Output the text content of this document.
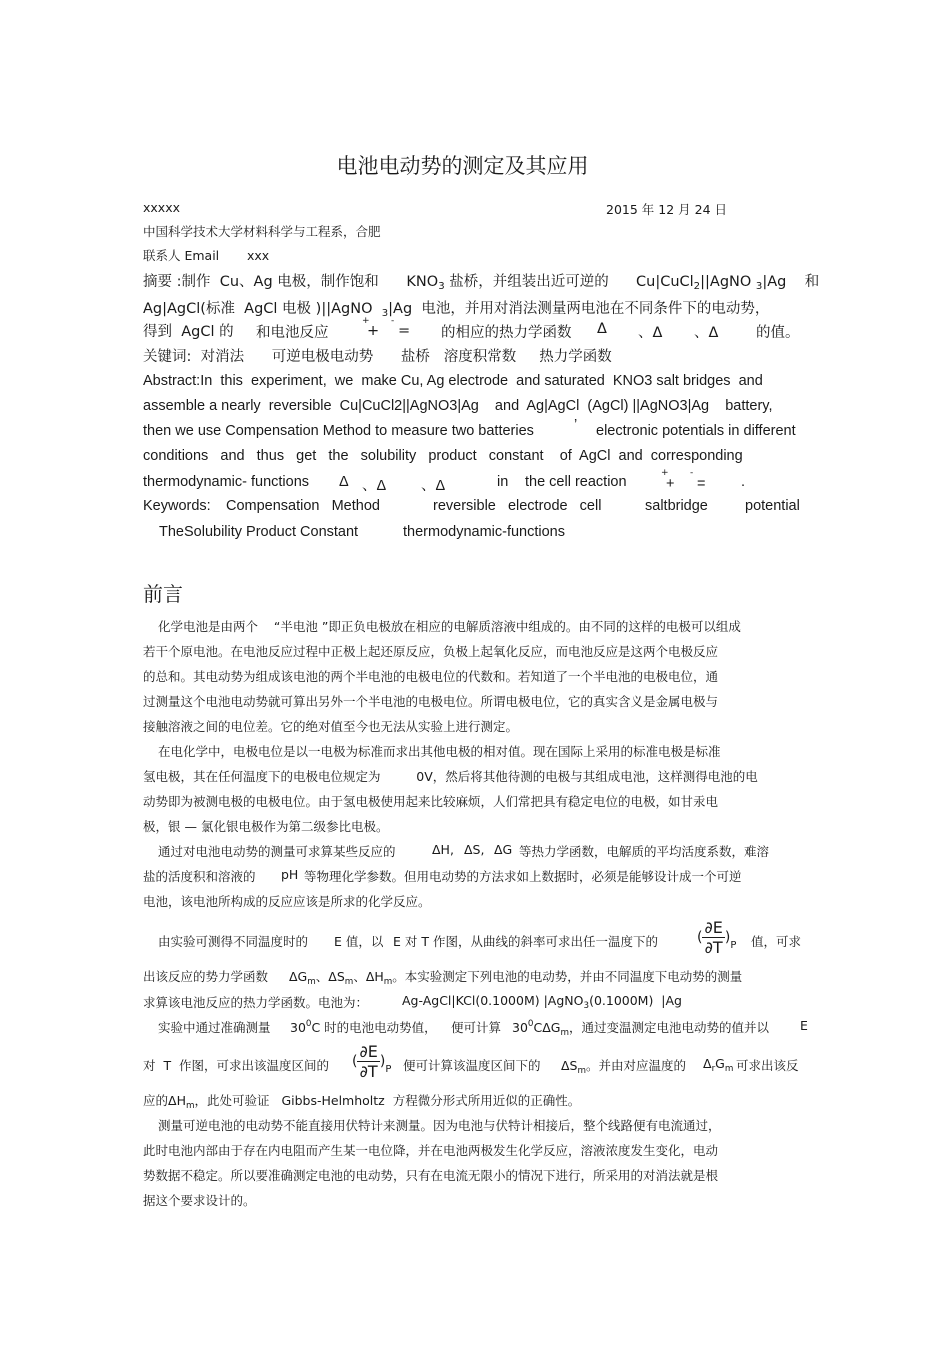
电池电动势的测定及其应用
xxxxx	2015 年 12 月 24 日
中国科学技术大学材料科学与工程系，合肥
联系人 Email xxx
摘要 :制作 Cu、Ag 电极，制作饱和 $KNO_3$ 盐桥，并组装出近可逆的 Cu|CuCl$_2$||AgNO $_3$|Ag 和
Ag|AgCl(标准 AgCl 电极 )||AgNO $_3$|Ag 电池，并用对消法测量两电池在不同条件下的电动势，
得到 AgCl 的 和电池反应
+
+
-
= 的相应的热力学函数 Δ 、Δ 、Δ	的值。
关键词: 对消法 可逆电极电动势 盐桥 溶度积常数 热力学函数
Abstract:In  this  experiment,  we  make Cu, Ag electrode  and saturated  KNO3 salt bridges  and
assemble a nearly  reversible  Cu|CuCl2||AgNO3|Ag    and  Ag|AgCl  (AgCl) ||AgNO3|Ag    battery,
then we use Compensation Method to measure two batteries	’ electronic potentials in different
conditions   and   thus   get   the   solubility   product   constant    of  AgCl  and  corresponding
thermodynamic- functions Δ 、Δ 、Δ	in the cell reaction
+
+
-
= .
Keywords: Compensation   Method	reversible   electrode   cell	saltbridge	potential
TheSolubility Product Constant	thermodynamic-functions
前言
化学电池是由两个    “半电池 ”即正负电极放在相应的电解质溶液中组成的。由不同的这样的电极可以组成
若干个原电池。在电池反应过程中正极上起还原反应，负极上起氧化反应，而电池反应是这两个电极反应
的总和。其电动势为组成该电池的两个半电池的电极电位的代数和。若知道了一个半电池的电极电位，通
过测量这个电池电动势就可算出另外一个半电池的电极电位。所谓电极电位，它的真实含义是金属电极与
接触溶液之间的电位差。它的绝对值至今也无法从实验上进行测定。
在电化学中，电极电位是以一电极为标准而求出其他电极的相对值。现在国际上采用的标准电极是标准
氢电极，其在任何温度下的电极电位规定为         0V，然后将其他待测的电极与其组成电池，这样测得电池的电
动势即为被测电极的电极电位。由于氢电极使用起来比较麻烦，人们常把具有稳定电位的电极，如甘汞电
极，银 — 氯化银电极作为第二级参比电极。
通过对电池电动势的测量可求算某些反应的	ΔH, ΔS, ΔG 等热力学函数，电解质的平均活度系数，难溶
盐的活度积和溶液的 pH 等物理化学参数。但用电动势的方法求如上数据时，必须是能够设计成一个可逆
电池，该电池所构成的反应应该是所求的化学反应。
由实验可测得不同温度时的 E 值，以 E 对 T 作图，从曲线的斜率可求出任一温度下的	( $\frac{\partial E}{\partial T} )_P$ 值，可求
出该反应的势力学函数 $\Delta G_m$、$\Delta S_m$、$\Delta H_m$。本实验测定下列电池的电动势，并由不同温度下电动势的测量
求算该电池反应的热力学函数。电池为：	Ag-AgCl|KCl(0.1000M) |AgNO$_3$(0.1000M)  |Ag
实验中通过准确测量 $30^0C$ 时的电池电动势值， 便可计算 $30^0C\Delta G_m$，通过变温测定电池电动势的值并以 E
对  T  作图，可求出该温度区间的 ( $\frac{\partial E}{\partial T} )_P$ 便可计算该温度区间下的 $\Delta S_m$。并由对应温度的 $\Delta_rG_m$ 可求出该反
应的$\Delta H_m$，此处可验证 Gibbs-Helmholtz 方程微分形式所用近似的正确性。
测量可逆电池的电动势不能直接用伏特计来测量。因为电池与伏特计相接后，整个线路便有电流通过，
此时电池内部由于存在内电阻而产生某一电位降，并在电池两极发生化学反应，溶液浓度发生变化，电动
势数据不稳定。所以要准确测定电池的电动势，只有在电流无限小的情况下进行，所采用的对消法就是根
据这个要求设计的。
